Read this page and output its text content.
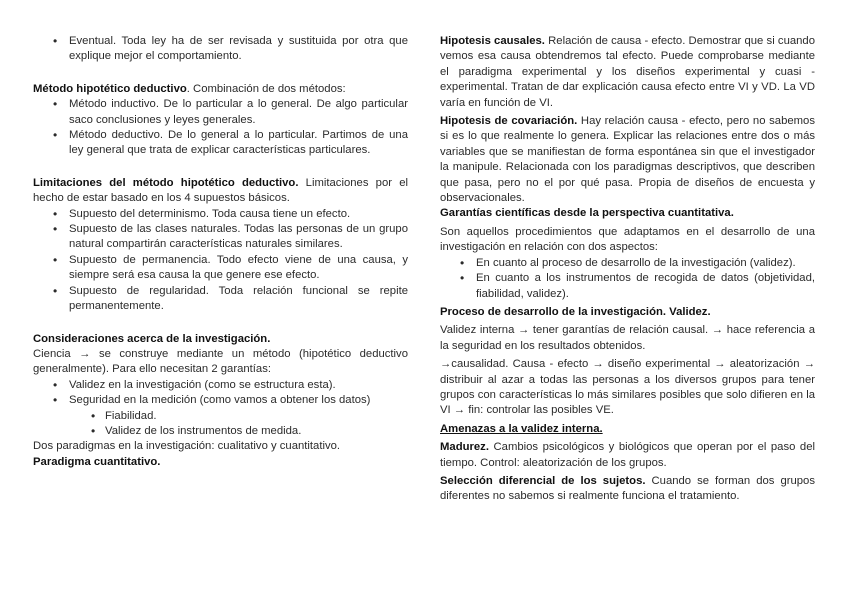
• Eventual. Toda ley ha de ser revisada y sustituida por otra que explique mejor el comportamiento.

Método hipotético deductivo. Combinación de dos métodos:

• Método inductivo. De lo particular a lo general. De algo particular saco conclusiones y leyes generales.
• Método deductivo. De lo general a lo particular. Partimos de una ley general que trata de explicar características particulares.

Limitaciones del método hipotético deductivo. Limitaciones por el hecho de estar basado en los 4 supuestos básicos.

• Supuesto del determinismo. Toda causa tiene un efecto.
• Supuesto de las clases naturales. Todas las personas de un grupo natural compartirán características naturales similares.
• Supuesto de permanencia. Todo efecto viene de una causa, y siempre será esa causa la que genere ese efecto.
• Supuesto de regularidad. Toda relación funcional se repite permanentemente.

Consideraciones acerca de la investigación.

Ciencia → se construye mediante un método (hipotético deductivo generalmente). Para ello necesitan 2 garantías:

• Validez en la investigación (como se estructura esta).
• Seguridad en la medición (como vamos a obtener los datos)
• Fiabilidad.
• Validez de los instrumentos de medida.

Dos paradigmas en la investigación: cualitativo y cuantitativo.

Paradigma cuantitativo.

Hipotesis causales. Relación de causa - efecto. Demostrar que si cuando vemos esa causa obtendremos tal efecto. Puede comprobarse mediante el paradigma experimental y los diseños experimental y cuasi - experimental. Tratan de dar explicación causa efecto entre VI y VD. La VD varía en función de VI.

Hipotesis de covariación. Hay relación causa - efecto, pero no sabemos si es lo que realmente lo genera. Explicar las relaciones entre dos o más variables que se manifiestan de forma espontánea sin que el investigador la manipule. Relacionada con los paradigmas descriptivos, que describen que pasa, pero no el por qué pasa. Propia de diseños de encuesta y observacionales.

Garantías científicas desde la perspectiva cuantitativa.

Son aquellos procedimientos que adaptamos en el desarrollo de una investigación en relación con dos aspectos:

• En cuanto al proceso de desarrollo de la investigación (validez).
• En cuanto a los instrumentos de recogida de datos (objetividad, fiabilidad, validez).

Proceso de desarrollo de la investigación. Validez.

Validez interna → tener garantías de relación causal. → hace referencia a la seguridad en los resultados obtenidos.

→causalidad. Causa - efecto → diseño experimental → aleatorización → distribuir al azar a todas las personas a los diversos grupos para tener grupos con características lo más similares posibles que solo difieren en la VI → fin: controlar las posibles VE.

Amenazas a la validez interna.

Madurez. Cambios psicológicos y biológicos que operan por el paso del tiempo. Control: aleatorización de los grupos.

Selección diferencial de los sujetos. Cuando se forman dos grupos diferentes no sabemos si realmente funciona el tratamiento.
